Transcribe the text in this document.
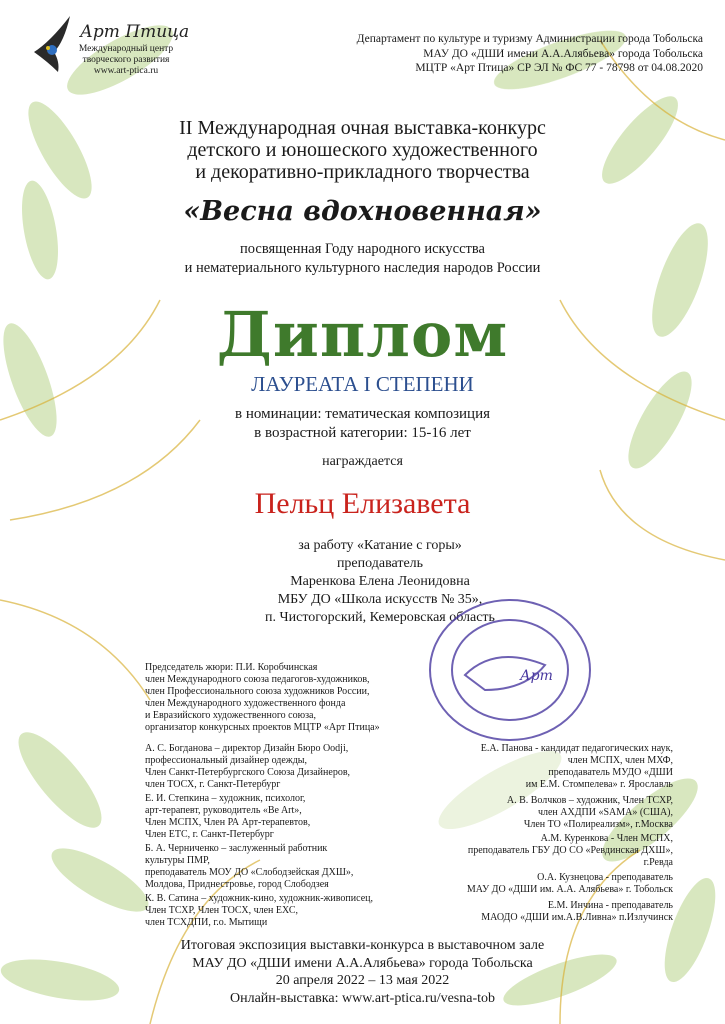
Арт Птица
Международный центр
творческого развития
www.art-ptica.ru
Департамент по культуре и туризму Администрации города Тобольска
МАУ ДО «ДШИ имени А.А.Алябьева» города Тобольска
МЦТР «Арт Птица» СР ЭЛ № ФС 77 - 78798 от 04.08.2020
II Международная очная выставка-конкурс
детского и юношеского художественного
и декоративно-прикладного творчества
«Весна вдохновенная»
посвященная Году народного искусства
и нематериального культурного наследия народов России
Диплом
ЛАУРЕАТА I СТЕПЕНИ
в номинации: тематическая композиция
в возрастной категории: 15-16 лет
награждается
Пельц Елизавета
за работу «Катание с горы»
преподаватель
Маренкова Елена Леонидовна
МБУ ДО «Школа искусств № 35»,
п. Чистогорский, Кемеровская область
Арт
Председатель жюри: П.И. Коробчинская
член Международного союза педагогов-художников,
член Профессионального союза художников России,
член Международного художественного фонда
и Евразийского художественного союза,
организатор конкурсных проектов МЦТР «Арт Птица»
А. С. Богданова – директор Дизайн Бюро Oodji,
профессиональный дизайнер одежды,
Член Санкт-Петербургского Союза Дизайнеров,
член ТОСХ, г. Санкт-Петербург
Е. И. Степкина – художник, психолог,
арт-терапевт, руководитель «Be Art»,
Член МСПХ, Член РА Арт-терапевтов,
Член ЕТС, г. Санкт-Петербург
Б. А. Черниченко – заслуженный работник
культуры ПМР,
преподаватель МОУ ДО «Слободзейская ДХШ»,
Молдова, Приднестровье, город Слободзея
К. В. Сатина – художник-кино, художник-живописец,
Член ТСХР, Член ТОСХ, член ЕХС,
член ТСХДПИ, г.о. Мытищи
Е.А. Панова - кандидат педагогических наук,
член МСПХ, член МХФ,
преподаватель МУДО «ДШИ
им Е.М. Стомпелева» г. Ярославль
А. В. Волчков – художник, Член ТСХР,
член АХДПИ «SAMA» (США),
Член ТО «Полиреализм», г.Москва
А.М. Куренкова - Член МСПХ,
преподаватель ГБУ ДО СО «Ревдинская ДХШ»,
г.Ревда
О.А. Кузнецова - преподаватель
МАУ ДО «ДШИ им. А.А. Алябьева» г. Тобольск
Е.М. Инчина - преподаватель
МАОДО «ДШИ им.А.В.Ливна» п.Излучинск
Итоговая экспозиция выставки-конкурса в выставочном зале
МАУ ДО «ДШИ имени А.А.Алябьева» города Тобольска
20 апреля 2022 – 13 мая 2022
Онлайн-выставка: www.art-ptica.ru/vesna-tob
